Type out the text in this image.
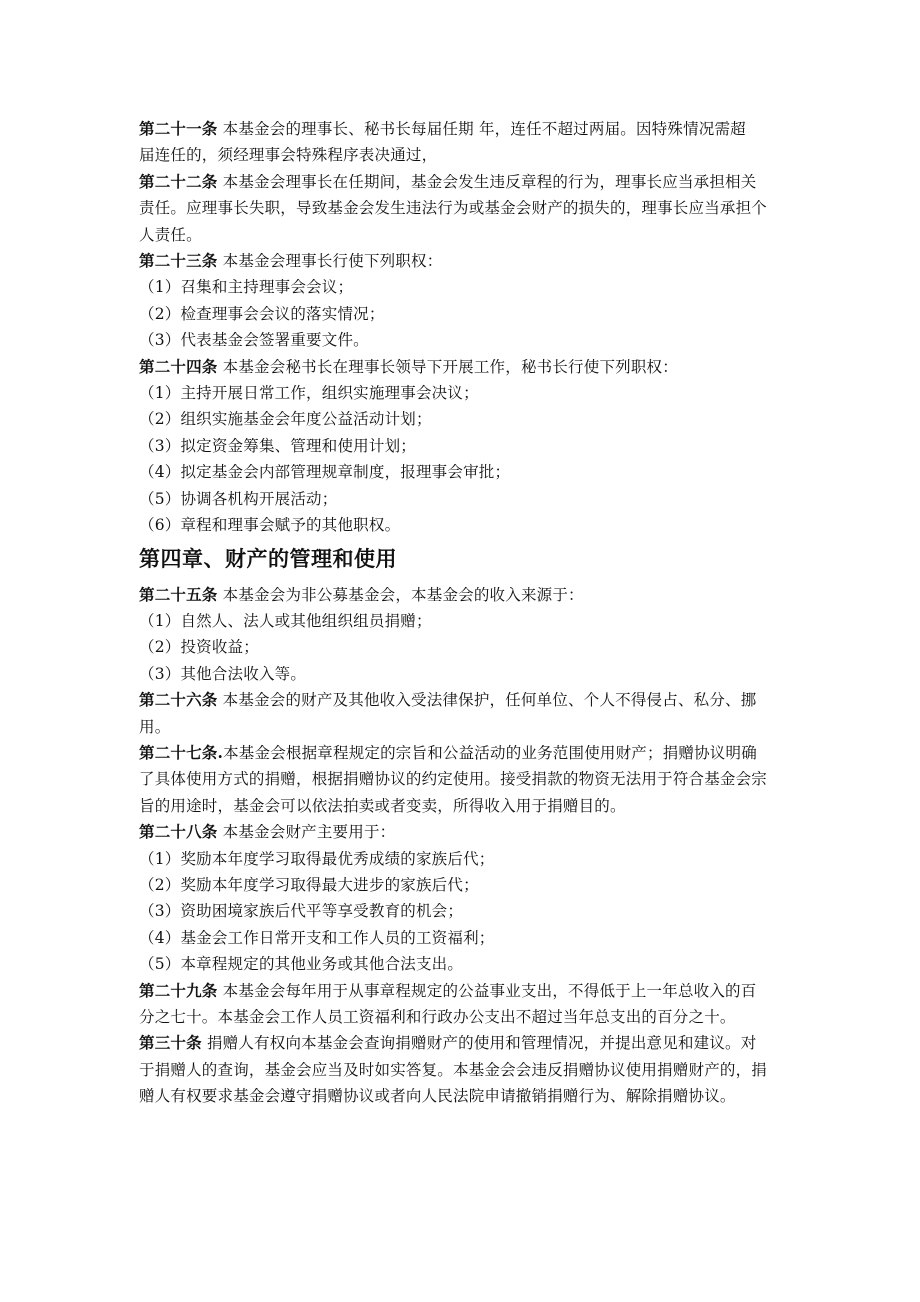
第二十一条 本基金会的理事长、秘书长每届任期 年，连任不超过两届。因特殊情况需超
届连任的，须经理事会特殊程序表决通过，
第二十二条 本基金会理事长在任期间，基金会发生违反章程的行为，理事长应当承担相关
责任。应理事长失职，导致基金会发生违法行为或基金会财产的损失的，理事长应当承担个
人责任。
第二十三条 本基金会理事长行使下列职权：
（1）召集和主持理事会会议；
（2）检查理事会会议的落实情况；
（3）代表基金会签署重要文件。
第二十四条 本基金会秘书长在理事长领导下开展工作，秘书长行使下列职权：
（1）主持开展日常工作，组织实施理事会决议；
（2）组织实施基金会年度公益活动计划；
（3）拟定资金筹集、管理和使用计划；
（4）拟定基金会内部管理规章制度，报理事会审批；
（5）协调各机构开展活动；
（6）章程和理事会赋予的其他职权。
第四章、财产的管理和使用
第二十五条 本基金会为非公募基金会，本基金会的收入来源于：
（1）自然人、法人或其他组织组员捐赠；
（2）投资收益；
（3）其他合法收入等。
第二十六条 本基金会的财产及其他收入受法律保护，任何单位、个人不得侵占、私分、挪
用。
第二十七条.本基金会根据章程规定的宗旨和公益活动的业务范围使用财产；捐赠协议明确
了具体使用方式的捐赠，根据捐赠协议的约定使用。接受捐款的物资无法用于符合基金会宗
旨的用途时，基金会可以依法拍卖或者变卖，所得收入用于捐赠目的。
第二十八条 本基金会财产主要用于：
（1）奖励本年度学习取得最优秀成绩的家族后代；
（2）奖励本年度学习取得最大进步的家族后代；
（3）资助困境家族后代平等享受教育的机会；
（4）基金会工作日常开支和工作人员的工资福利；
（5）本章程规定的其他业务或其他合法支出。
第二十九条 本基金会每年用于从事章程规定的公益事业支出，不得低于上一年总收入的百
分之七十。本基金会工作人员工资福利和行政办公支出不超过当年总支出的百分之十。
第三十条 捐赠人有权向本基金会查询捐赠财产的使用和管理情况，并提出意见和建议。对
于捐赠人的查询，基金会应当及时如实答复。本基金会会违反捐赠协议使用捐赠财产的，捐
赠人有权要求基金会遵守捐赠协议或者向人民法院申请撤销捐赠行为、解除捐赠协议。
